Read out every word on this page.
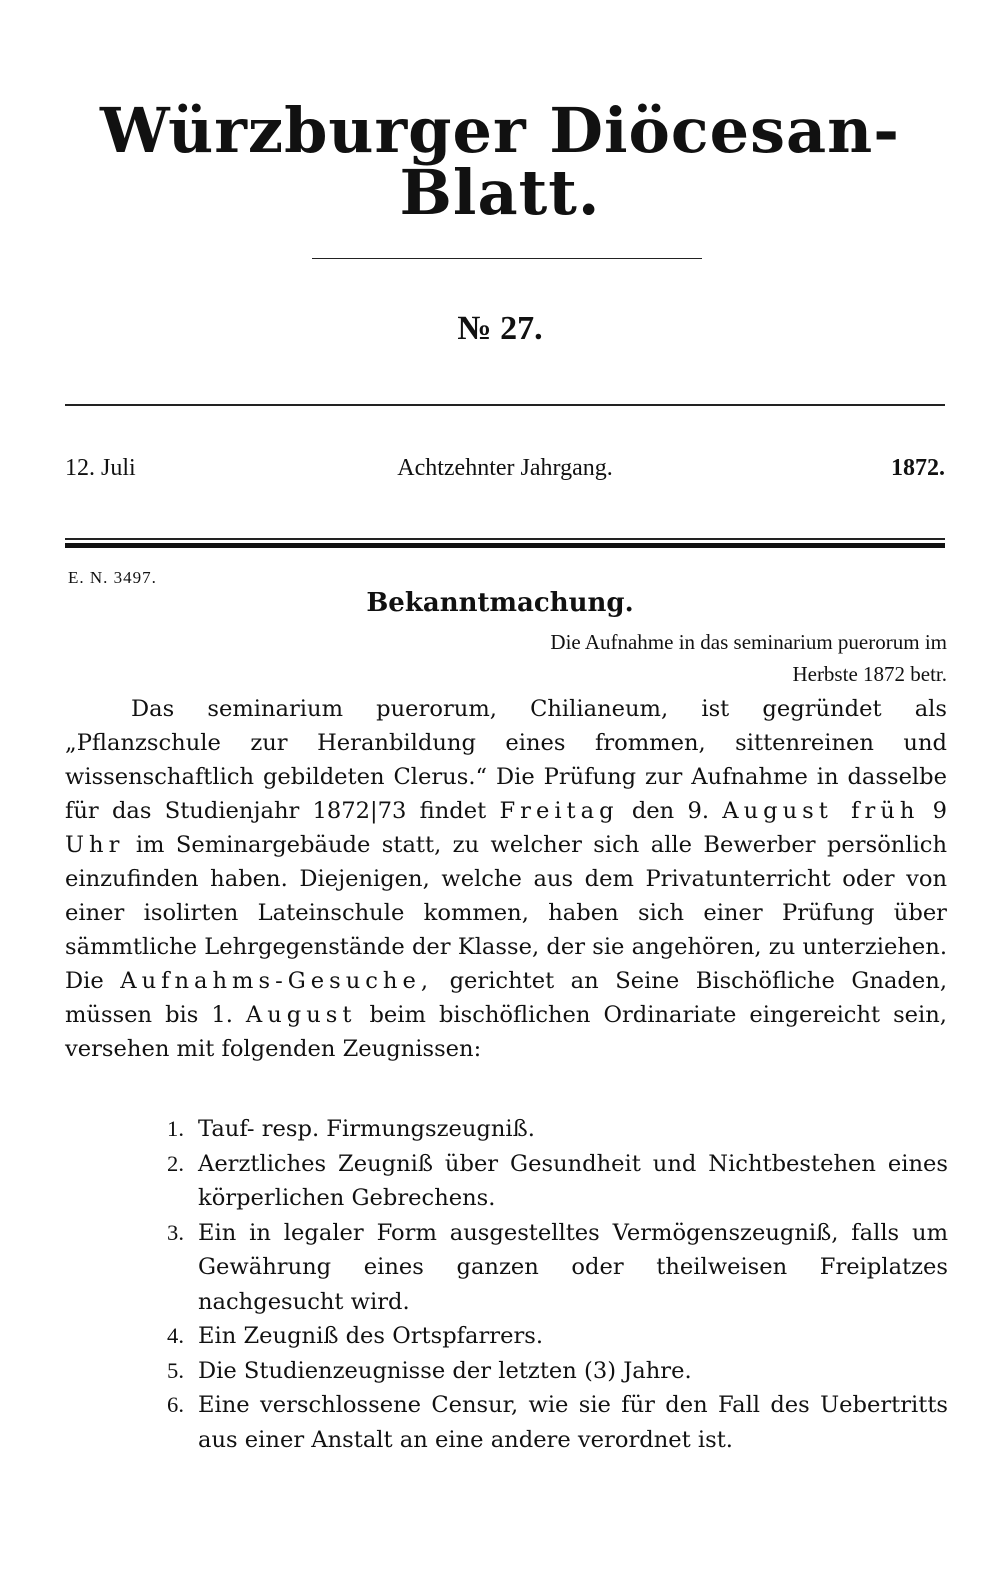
Würzburger Diöcesan-Blatt.
№ 27.
12. Juli	Achtzehnter Jahrgang.	1872.
E. N. 3497.
Bekanntmachung.
Die Aufnahme in das seminarium puerorum im Herbste 1872 betr.

Das seminarium puerorum, Chilianeum, ist gegründet als „Pflanzschule zur Heranbildung eines frommen, sittenreinen und wissenschaftlich gebildeten Clerus.“ Die Prüfung zur Aufnahme in dasselbe für das Studienjahr 1872|73 findet Freitag den 9. August früh 9 Uhr im Seminargebäude statt, zu welcher sich alle Bewerber persönlich einzufinden haben. Diejenigen, welche aus dem Privatunterricht oder von einer isolirten Lateinschule kommen, haben sich einer Prüfung über sämmtliche Lehrgegenstände der Klasse, der sie angehören, zu unterziehen. Die Aufnahms-Gesuche, gerichtet an Seine Bischöfliche Gnaden, müssen bis 1. August beim bischöflichen Ordinariate eingereicht sein, versehen mit folgenden Zeugnissen:

1. Tauf- resp. Firmungszeugniß.
2. Aerztliches Zeugniß über Gesundheit und Nichtbestehen eines körperlichen Gebrechens.
3. Ein in legaler Form ausgestelltes Vermögenszeugniß, falls um Gewährung eines ganzen oder theilweisen Freiplatzes nachgesucht wird.
4. Ein Zeugniß des Ortspfarrers.
5. Die Studienzeugnisse der letzten (3) Jahre.
6. Eine verschlossene Censur, wie sie für den Fall des Uebertritts aus einer Anstalt an eine andere verordnet ist.
